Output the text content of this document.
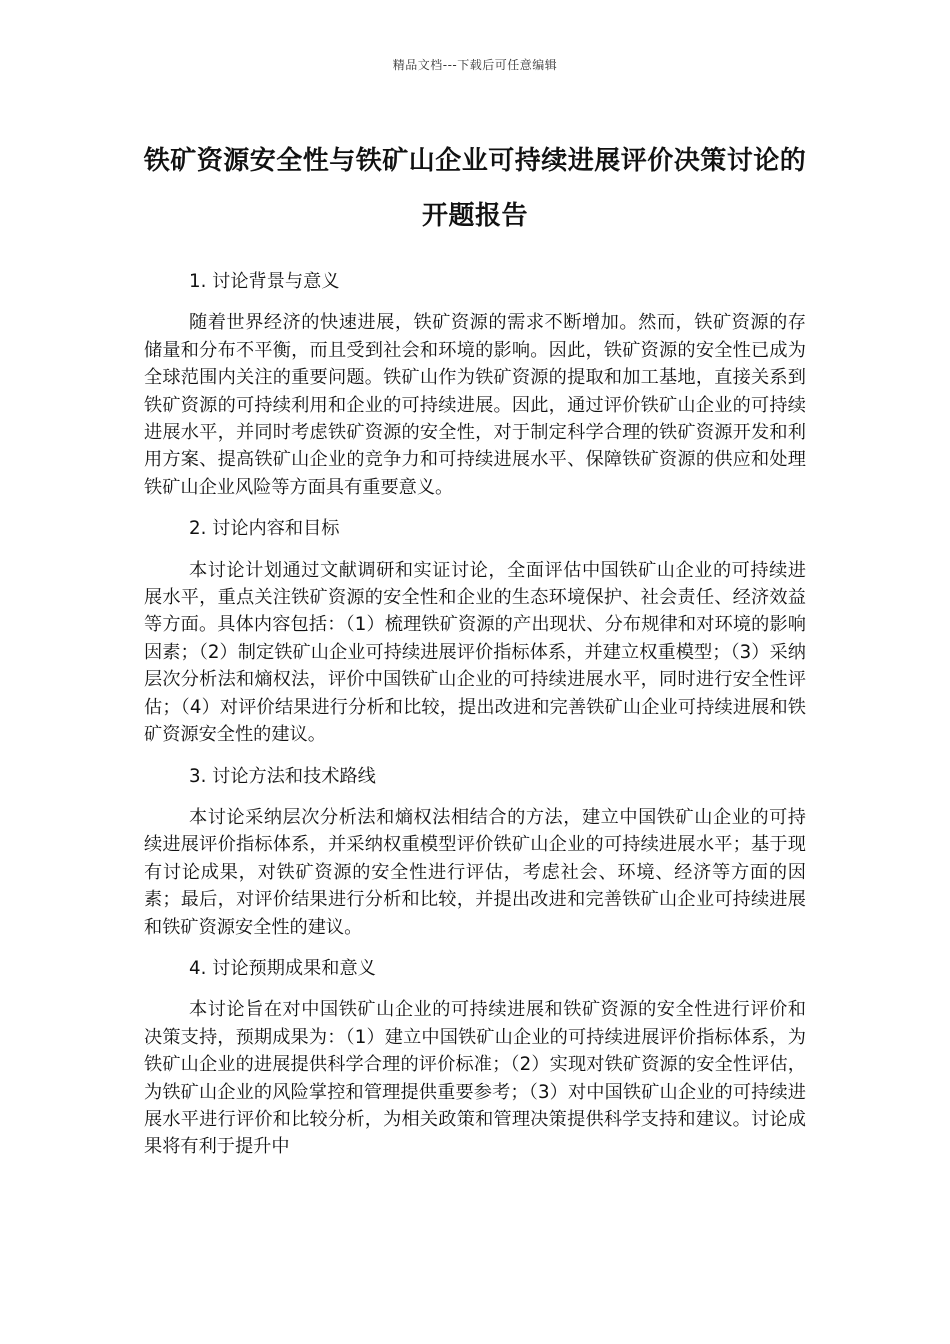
精品文档---下载后可任意编辑
铁矿资源安全性与铁矿山企业可持续进展评价决策讨论的开题报告

1. 讨论背景与意义

随着世界经济的快速进展，铁矿资源的需求不断增加。然而，铁矿资源的存储量和分布不平衡，而且受到社会和环境的影响。因此，铁矿资源的安全性已成为全球范围内关注的重要问题。铁矿山作为铁矿资源的提取和加工基地，直接关系到铁矿资源的可持续利用和企业的可持续进展。因此，通过评价铁矿山企业的可持续进展水平，并同时考虑铁矿资源的安全性，对于制定科学合理的铁矿资源开发和利用方案、提高铁矿山企业的竞争力和可持续进展水平、保障铁矿资源的供应和处理铁矿山企业风险等方面具有重要意义。

2. 讨论内容和目标

本讨论计划通过文献调研和实证讨论，全面评估中国铁矿山企业的可持续进展水平，重点关注铁矿资源的安全性和企业的生态环境保护、社会责任、经济效益等方面。具体内容包括：（1）梳理铁矿资源的产出现状、分布规律和对环境的影响因素；（2）制定铁矿山企业可持续进展评价指标体系，并建立权重模型；（3）采纳层次分析法和熵权法，评价中国铁矿山企业的可持续进展水平，同时进行安全性评估；（4）对评价结果进行分析和比较，提出改进和完善铁矿山企业可持续进展和铁矿资源安全性的建议。

3. 讨论方法和技术路线

本讨论采纳层次分析法和熵权法相结合的方法，建立中国铁矿山企业的可持续进展评价指标体系，并采纳权重模型评价铁矿山企业的可持续进展水平；基于现有讨论成果，对铁矿资源的安全性进行评估，考虑社会、环境、经济等方面的因素；最后，对评价结果进行分析和比较，并提出改进和完善铁矿山企业可持续进展和铁矿资源安全性的建议。

4. 讨论预期成果和意义

本讨论旨在对中国铁矿山企业的可持续进展和铁矿资源的安全性进行评价和决策支持，预期成果为：（1）建立中国铁矿山企业的可持续进展评价指标体系，为铁矿山企业的进展提供科学合理的评价标准；（2）实现对铁矿资源的安全性评估，为铁矿山企业的风险掌控和管理提供重要参考；（3）对中国铁矿山企业的可持续进展水平进行评价和比较分析，为相关政策和管理决策提供科学支持和建议。讨论成果将有利于提升中
